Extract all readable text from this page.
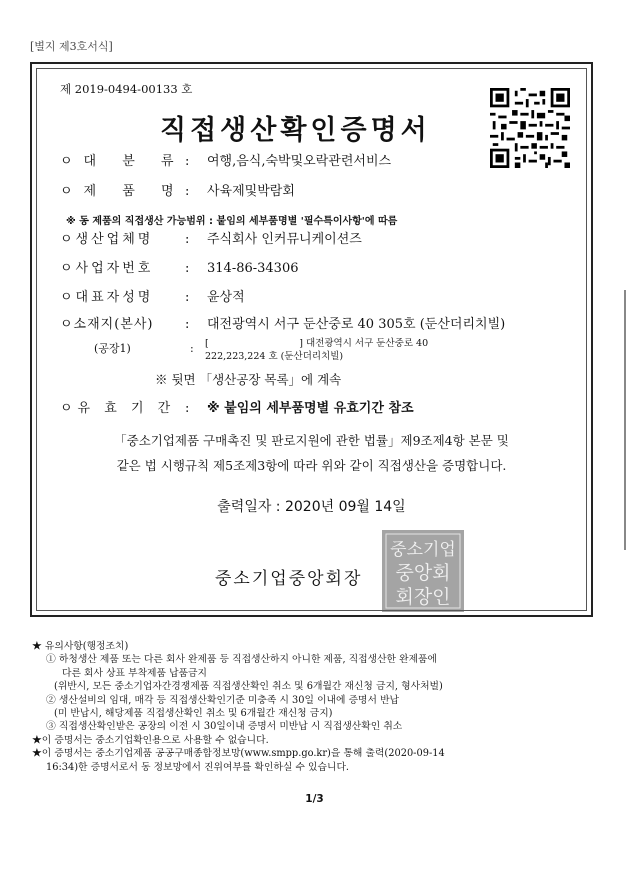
[별지 제3호서식]
제 2019-0494-00133 호
직접생산확인증명서
ㅇ대 분 류: 여행,음식,숙박및오락관련서비스
ㅇ제 품 명: 사육제및박람회
※ 동 제품의 직접생산 가능범위 : 붙임의 세부품명별 '필수특이사항'에 따름
ㅇ생산업체명 : 주식회사 인커뮤니케이션즈
ㅇ사업자번호 : 314-86-34306
ㅇ대표자성명 : 윤상적
ㅇ소재지(본사) : 대전광역시 서구 둔산중로 40 305호 (둔산더리치빌)
(공장1)	: [                              ] 대전광역시 서구 둔산중로 40
222,223,224 호 (둔산더리치빌)
※ 뒷면 「생산공장 목록」에 계속
ㅇ유 효 기 간 : ※ 붙임의 세부품명별 유효기간 참조
「중소기업제품 구매촉진 및 판로지원에 관한 법률」제9조제4항 본문 및
같은 법 시행규칙 제5조제3항에 따라 위와 같이 직접생산을 증명합니다.
출력일자 : 2020년 09월 14일
중소기업중앙회장
중소기업
중앙회
회장인
★ 유의사항(행정조치)
① 하청생산 제품 또는 다른 회사 완제품 등 직접생산하지 아니한 제품, 직접생산한 완제품에
다른 회사 상표 부착제품 납품금지
(위반시, 모든 중소기업자간경쟁제품 직접생산확인 취소 및 6개월간 재신청 금지, 형사처벌)
② 생산설비의 임대, 매각 등 직접생산확인기준 미충족 시 30일 이내에 증명서 반납
(미 반납시, 해당제품 직접생산확인 취소 및 6개월간 재신청 금지)
③ 직접생산확인받은 공장의 이전 시 30일이내 증명서 미반납 시 직접생산확인 취소
★이 증명서는 중소기업확인용으로 사용할 수 없습니다.
★이 증명서는 중소기업제품 공공구매종합정보망(www.smpp.go.kr)을 통해 출력(2020-09-14
16:34)한 증명서로서 동 정보망에서 진위여부를 확인하실 수 있습니다.
1/3
